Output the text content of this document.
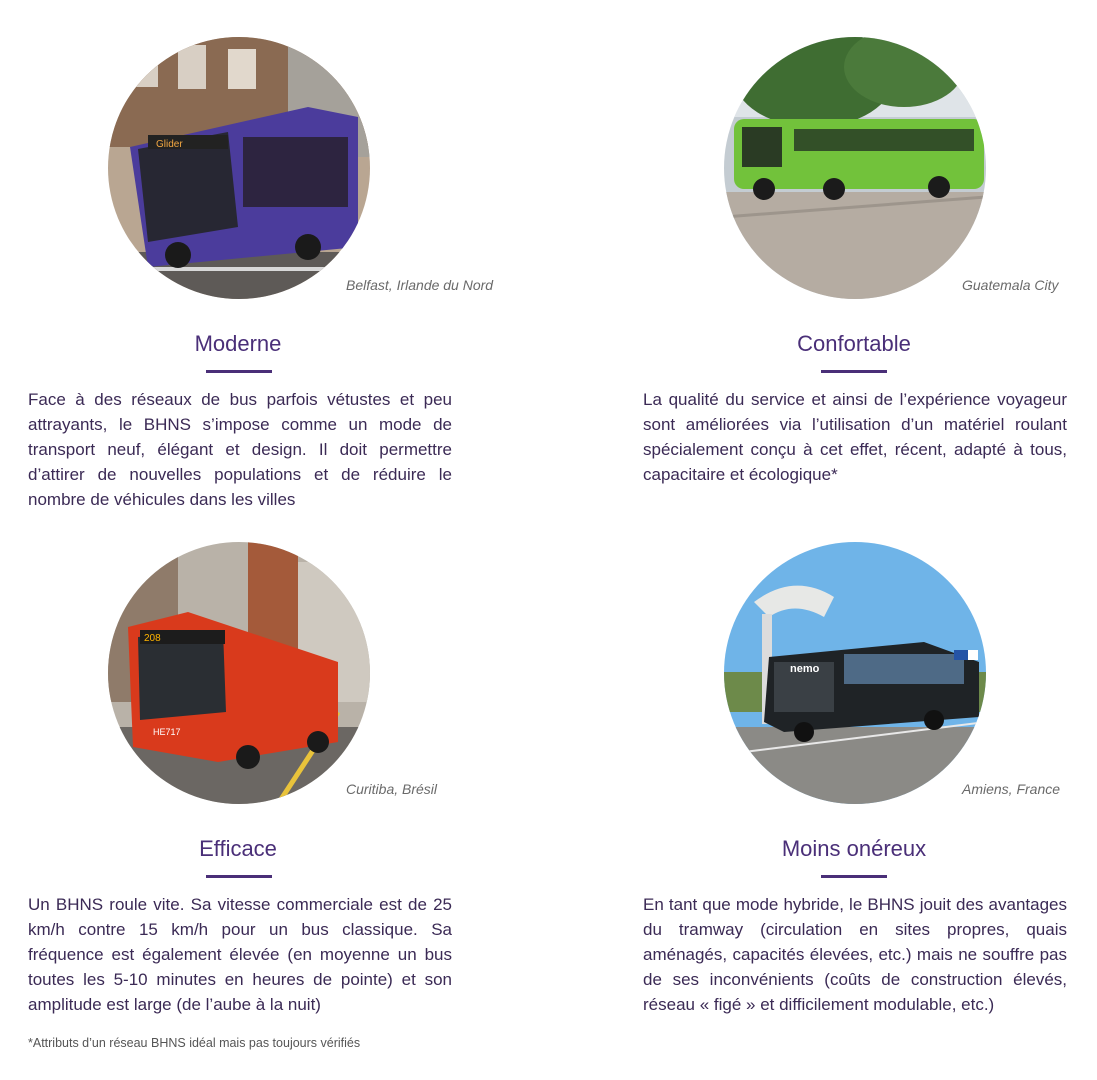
Glider
Belfast, Irlande du Nord
Moderne
Face à des réseaux de bus parfois vétustes et peu attrayants, le BHNS s’impose comme un mode de transport neuf, élégant et design. Il doit permettre d’attirer de nouvelles populations et de réduire le nombre de véhicules dans les villes
Guatemala City
Confortable
La qualité du service et ainsi de l’expérience voyageur sont améliorées via l’utilisation d’un matériel roulant spécialement conçu à cet effet, récent, adapté à tous, capacitaire et écologique*
208
HE717
Curitiba, Brésil
Efficace
Un BHNS roule vite. Sa vitesse commerciale est de 25 km/h contre 15 km/h pour un bus classique. Sa fréquence est également élevée (en moyenne un bus toutes les 5-10 minutes en heures de pointe) et son amplitude est large (de l’aube à la nuit)
nemo
Amiens, France
Moins onéreux
En tant que mode hybride, le BHNS jouit des avantages du tramway (circulation en sites propres, quais aménagés, capacités élevées, etc.) mais ne souffre pas de ses inconvénients (coûts de construction élevés, réseau « figé » et difficilement modulable, etc.)
*Attributs d’un réseau BHNS idéal mais pas toujours vérifiés
